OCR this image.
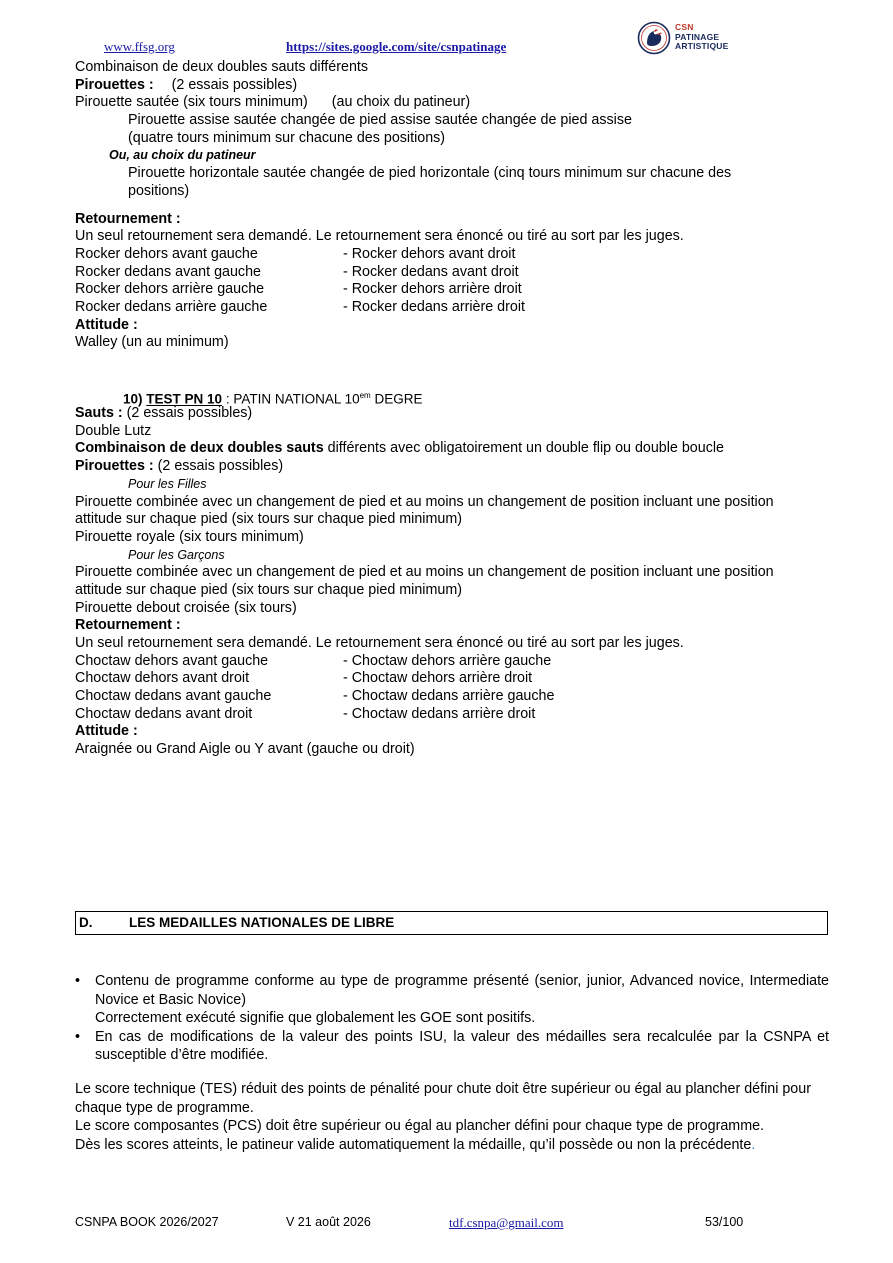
www.ffsg.org	https://sites.google.com/site/csnpatinage
CSN
PATINAGE
ARTISTIQUE
Combinaison de deux doubles sauts différents
Pirouettes : (2 essais possibles)
Pirouette sautée (six tours minimum) (au choix du patineur)
Pirouette assise sautée changée de pied assise sautée changée de pied assise
(quatre tours minimum sur chacune des positions)
Ou, au choix du patineur
Pirouette horizontale sautée changée de pied horizontale (cinq tours minimum sur chacune des
positions)
Retournement :
Un seul retournement sera demandé. Le retournement sera énoncé ou tiré au sort par les juges.
Rocker dehors avant gauche	- Rocker dehors avant droit
Rocker dedans avant gauche	- Rocker dedans avant droit
Rocker dehors arrière gauche	- Rocker dehors arrière droit
Rocker dedans arrière gauche	- Rocker dedans arrière droit
Attitude :
Walley (un au minimum)
10) TEST PN 10 : PATIN NATIONAL $10^{em}$ DEGRE
Sauts : (2 essais possibles)
Double Lutz
Combinaison de deux doubles sauts différents avec obligatoirement un double flip ou double boucle
Pirouettes : (2 essais possibles)
Pour les Filles
Pirouette combinée avec un changement de pied et au moins un changement de position incluant une position
attitude sur chaque pied (six tours sur chaque pied minimum)
Pirouette royale (six tours minimum)
Pour les Garçons
Pirouette combinée avec un changement de pied et au moins un changement de position incluant une position
attitude sur chaque pied (six tours sur chaque pied minimum)
Pirouette debout croisée (six tours)
Retournement :
Un seul retournement sera demandé. Le retournement sera énoncé ou tiré au sort par les juges.
Choctaw dehors avant gauche	- Choctaw dehors arrière gauche
Choctaw dehors avant droit	- Choctaw dehors arrière droit
Choctaw dedans avant gauche	- Choctaw dedans arrière gauche
Choctaw dedans avant droit	- Choctaw dedans arrière droit
Attitude :
Araignée ou Grand Aigle ou Y avant (gauche ou droit)
D.	LES MEDAILLES NATIONALES DE LIBRE
• Contenu de programme conforme au type de programme présenté (senior, junior, Advanced novice, Intermediate Novice et Basic Novice)
Correctement exécuté signifie que globalement les GOE sont positifs.
• En cas de modifications de la valeur des points ISU, la valeur des médailles sera recalculée par la CSNPA et susceptible d’être modifiée.
Le score technique (TES) réduit des points de pénalité pour chute doit être supérieur ou égal au plancher défini pour chaque type de programme.
Le score composantes (PCS) doit être supérieur ou égal au plancher défini pour chaque type de programme.
Dès les scores atteints, le patineur valide automatiquement la médaille, qu’il possède ou non la précédente.
CSNPA BOOK 2026/2027	V 21 août 2026	tdf.csnpa@gmail.com	53/100
